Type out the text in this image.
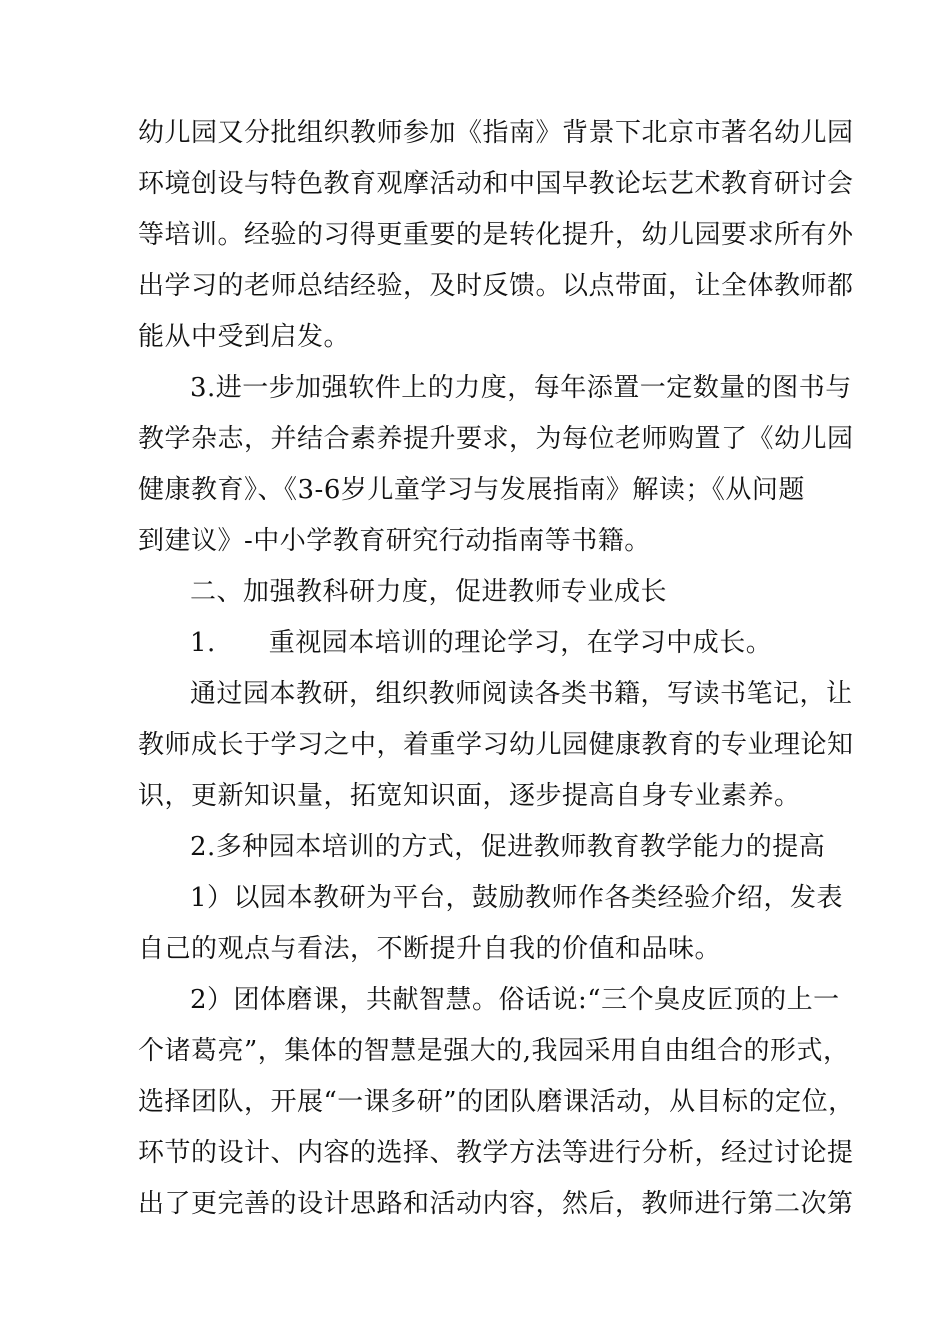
幼儿园又分批组织教师参加《指南》背景下北京市著名幼儿园
环境创设与特色教育观摩活动和中国早教论坛艺术教育研讨会
等培训。经验的习得更重要的是转化提升，幼儿园要求所有外
出学习的老师总结经验，及时反馈。以点带面，让全体教师都
能从中受到启发。
3.进一步加强软件上的力度，每年添置一定数量的图书与
教学杂志，并结合素养提升要求，为每位老师购置了《幼儿园
健康教育》、《3-6岁儿童学习与发展指南》解读；《从问题
到建议》-中小学教育研究行动指南等书籍。
二、加强教科研力度，促进教师专业成长
1.　　重视园本培训的理论学习，在学习中成长。
通过园本教研，组织教师阅读各类书籍，写读书笔记，让
教师成长于学习之中，着重学习幼儿园健康教育的专业理论知
识，更新知识量，拓宽知识面，逐步提高自身专业素养。
2.多种园本培训的方式，促进教师教育教学能力的提高
1）以园本教研为平台，鼓励教师作各类经验介绍，发表
自己的观点与看法，不断提升自我的价值和品味。
2）团体磨课，共献智慧。俗话说:“三个臭皮匠顶的上一
个诸葛亮”，集体的智慧是强大的,我园采用自由组合的形式，
选择团队，开展“一课多研”的团队磨课活动，从目标的定位，
环节的设计、内容的选择、教学方法等进行分析，经过讨论提
出了更完善的设计思路和活动内容，然后，教师进行第二次第
